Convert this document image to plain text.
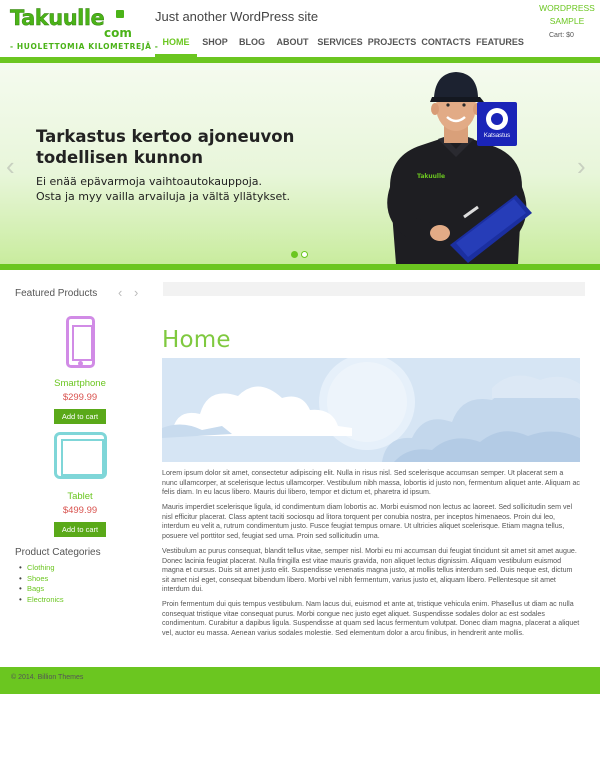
Takuulle
com
- HUOLETTOMIA KILOMETREJÄ -
Just another WordPress site
HOME	SHOP	BLOG	ABOUT SERVICES PROJECTS CONTACTS FEATURES
WORDPRESS
SAMPLE
Cart: $0
Tarkastus kertoo ajoneuvon
todellisen kunnon
Ei enää epävarmoja vaihtoautokauppoja.
Osta ja myy vailla arvailuja ja vältä yllätykset.
‹	›
Takuulle
Katsastus
Featured Products ‹ ›
Smartphone
$299.99
Add to cart
Tablet
$499.99
Add to cart
Product Categories
• Clothing
• Shoes
• Bags
• Electronics
Home

Lorem ipsum dolor sit amet, consectetur adipiscing elit. Nulla in risus nisl. Sed scelerisque accumsan semper. Ut placerat sem a nunc ullamcorper, at scelerisque lectus ullamcorper. Vestibulum nibh massa, lobortis id justo non, fermentum aliquet ante. Aliquam ac felis diam. In eu lacus libero. Mauris dui libero, tempor et dictum et, pharetra id ipsum.

Mauris imperdiet scelerisque ligula, id condimentum diam lobortis ac. Morbi euismod non lectus ac laoreet. Sed sollicitudin sem vel nisl efficitur placerat. Class aptent taciti sociosqu ad litora torquent per conubia nostra, per inceptos himenaeos. Proin dui leo, interdum eu velit a, rutrum condimentum justo. Fusce feugiat tempus ornare. Ut ultricies aliquet scelerisque. Etiam magna tellus, posuere vel porttitor sed, feugiat sed urna. Proin sed sollicitudin urna.

Vestibulum ac purus consequat, blandit tellus vitae, semper nisl. Morbi eu mi accumsan dui feugiat tincidunt sit amet sit amet augue. Donec lacinia feugiat placerat. Nulla fringilla est vitae mauris gravida, non aliquet lectus dignissim. Aliquam vestibulum euismod magna et cursus. Duis sit amet justo elit. Suspendisse venenatis magna justo, at mollis tellus interdum sed. Duis neque est, dictum sit amet nisl eget, consequat bibendum libero. Morbi vel nibh fermentum, varius justo et, aliquam libero. Pellentesque sit amet interdum dui.

Proin fermentum dui quis tempus vestibulum. Nam lacus dui, euismod et ante at, tristique vehicula enim. Phasellus ut diam ac nulla consequat tristique vitae consequat purus. Morbi congue nec justo eget aliquet. Suspendisse sodales dolor ac est sodales condimentum. Curabitur a dapibus ligula. Suspendisse at quam sed lacus fermentum volutpat. Donec diam magna, placerat a aliquet vel, auctor eu massa. Aenean varius sodales molestie. Sed elementum dolor a arcu finibus, in hendrerit ante mollis.

© 2014. Billion Themes
